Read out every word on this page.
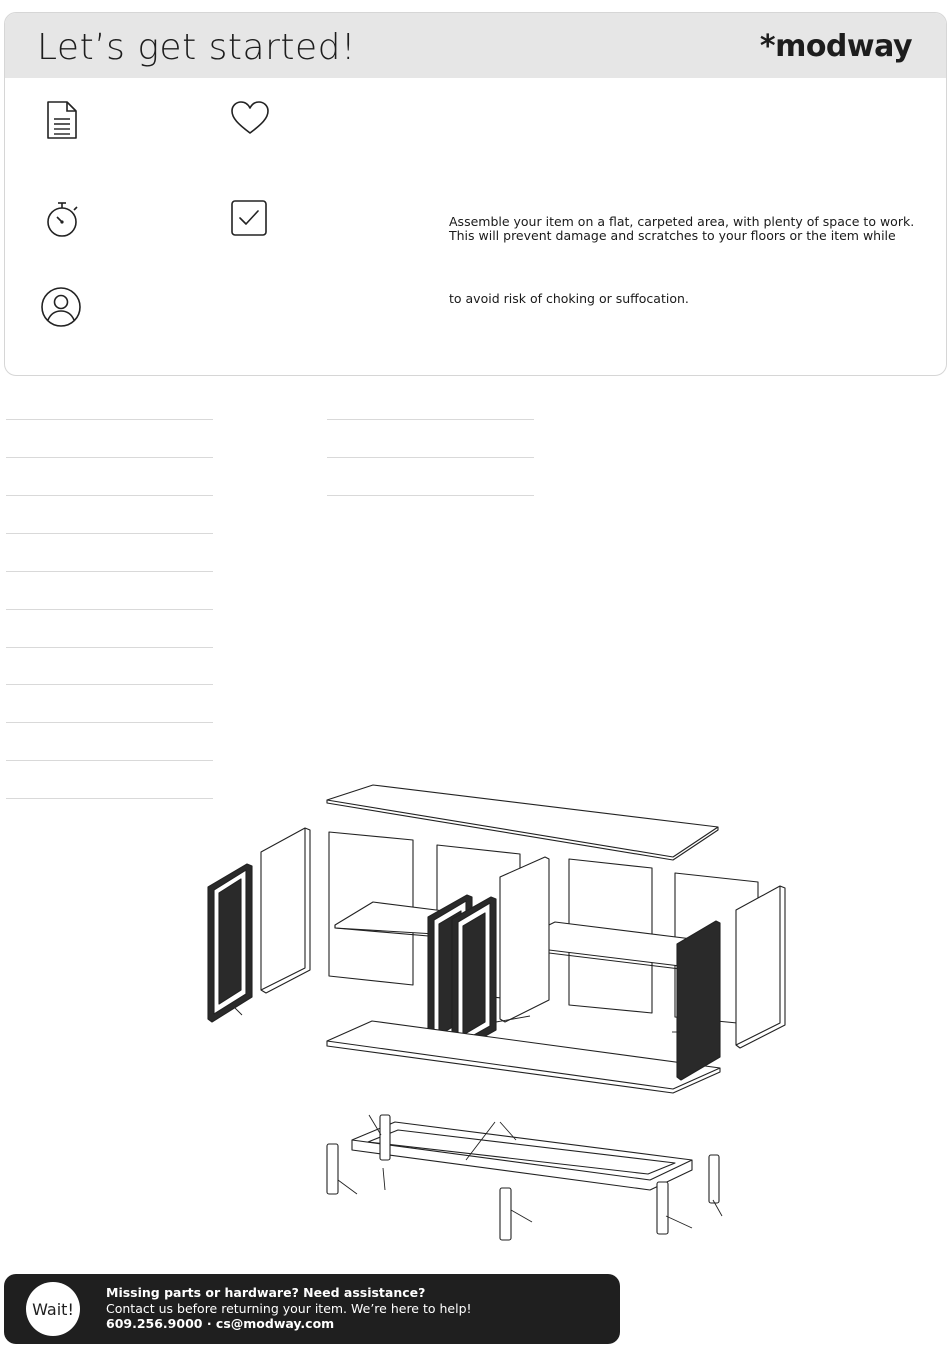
Let’s get started!	*modway
Assemble your item on a flat, carpeted area, with plenty of space to work.
This will prevent damage and scratches to your floors or the item while
to avoid risk of choking or suffocation.
Wait!
Missing parts or hardware? Need assistance?
Contact us before returning your item. We’re here to help!
609.256.9000 · cs@modway.com
